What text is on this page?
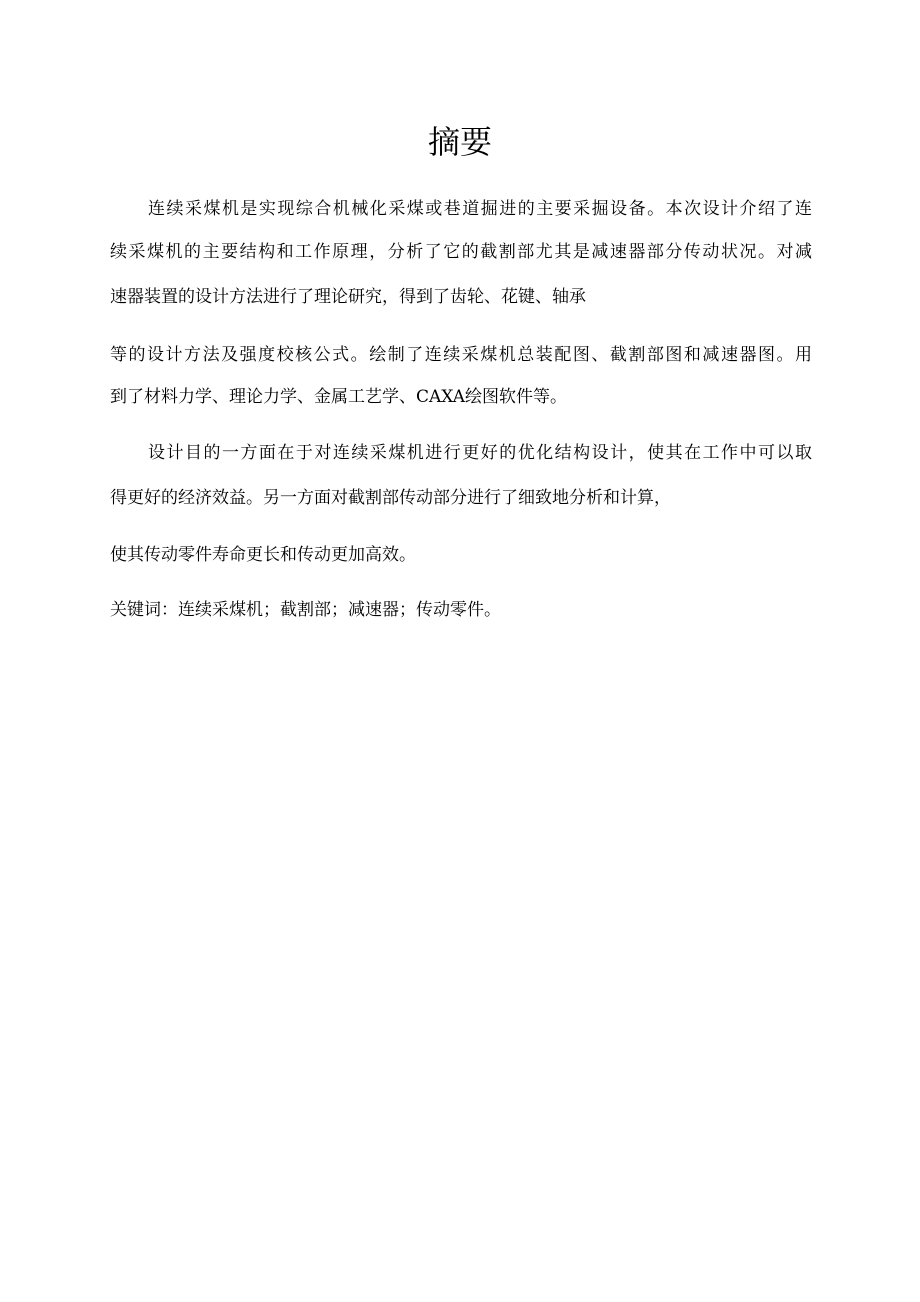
摘要

连续采煤机是实现综合机械化采煤或巷道掘进的主要采掘设备。本次设计介绍了连

续采煤机的主要结构和工作原理，分析了它的截割部尤其是减速器部分传动状况。对减

速器装置的设计方法进行了理论研究，得到了齿轮、花键、轴承

等的设计方法及强度校核公式。绘制了连续采煤机总装配图、截割部图和减速器图。用

到了材料力学、理论力学、金属工艺学、CAXA绘图软件等。

设计目的一方面在于对连续采煤机进行更好的优化结构设计，使其在工作中可以取

得更好的经济效益。另一方面对截割部传动部分进行了细致地分析和计算，

使其传动零件寿命更长和传动更加高效。

关键词：连续采煤机；截割部；减速器；传动零件。
